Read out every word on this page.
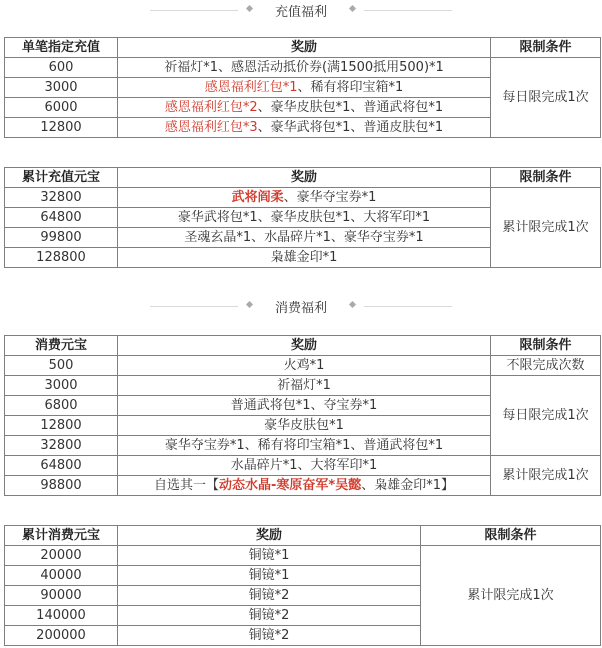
充值福利
单笔指定充值	奖励	限制条件
600	祈福灯*1、感恩活动抵价券(满1500抵用500)*1	每日限完成1次
3000	感恩福利红包*1、稀有将印宝箱*1	
6000	感恩福利红包*2、豪华皮肤包*1、普通武将包*1	
12800	感恩福利红包*3、豪华武将包*1、普通皮肤包*1	
累计充值元宝	奖励	限制条件
32800	武将阎柔、豪华夺宝券*1	累计限完成1次
64800	豪华武将包*1、豪华皮肤包*1、大将军印*1	
99800	圣魂玄晶*1、水晶碎片*1、豪华夺宝券*1	
128800	枭雄金印*1	
消费福利
消费元宝	奖励	限制条件
500	火鸡*1	不限完成次数
3000	祈福灯*1	每日限完成1次
6800	普通武将包*1、夺宝券*1	
12800	豪华皮肤包*1	
32800	豪华夺宝券*1、稀有将印宝箱*1、普通武将包*1	
64800	水晶碎片*1、大将军印*1	累计限完成1次
98800	自选其一【动态水晶-寒原奋军*吴懿、枭雄金印*1】	
累计消费元宝	奖励	限制条件
20000	铜镜*1	累计限完成1次
40000	铜镜*1	
90000	铜镜*2	
140000	铜镜*2	
200000	铜镜*2	
